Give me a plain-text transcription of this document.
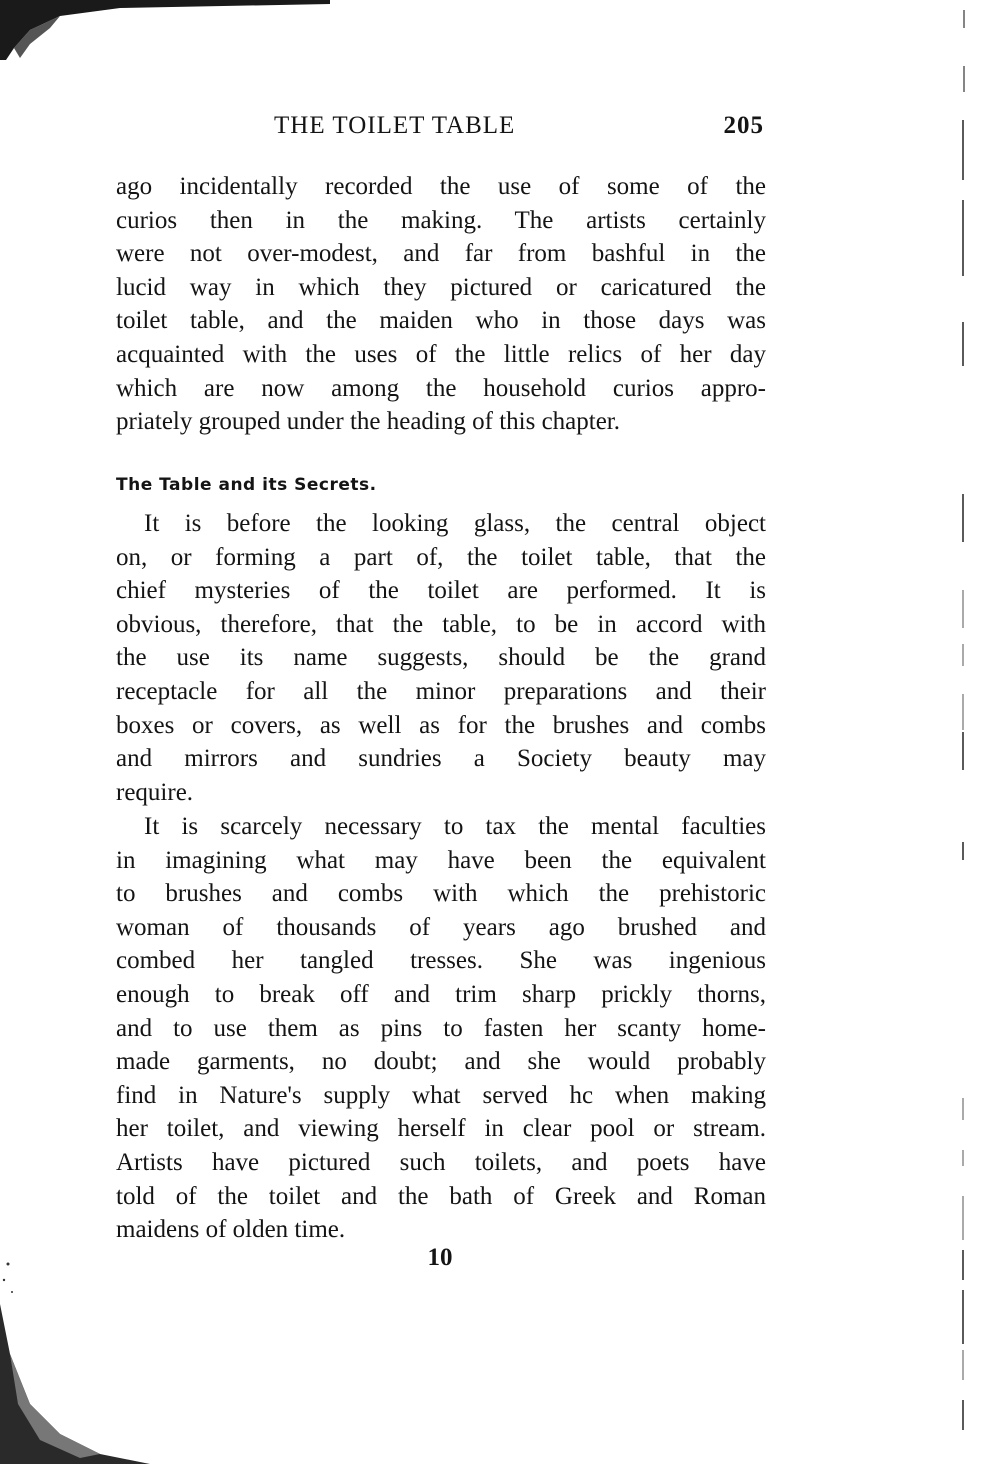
THE TOILET TABLE	205
ago incidentally recorded the use of some of the
curios then in the making. The artists certainly
were not over-modest, and far from bashful in the
lucid way in which they pictured or caricatured the
toilet table, and the maiden who in those days was
acquainted with the uses of the little relics of her day
which are now among the household curios appro-
priately grouped under the heading of this chapter.
The Table and its Secrets.
It is before the looking glass, the central object
on, or forming a part of, the toilet table, that the
chief mysteries of the toilet are performed. It is
obvious, therefore, that the table, to be in accord with
the use its name suggests, should be the grand
receptacle for all the minor preparations and their
boxes or covers, as well as for the brushes and combs
and mirrors and sundries a Society beauty may
require.
It is scarcely necessary to tax the mental faculties
in imagining what may have been the equivalent
to brushes and combs with which the prehistoric
woman of thousands of years ago brushed and
combed her tangled tresses. She was ingenious
enough to break off and trim sharp prickly thorns,
and to use them as pins to fasten her scanty home-
made garments, no doubt; and she would probably
find in Nature's supply what served hc when making
her toilet, and viewing herself in clear pool or stream.
Artists have pictured such toilets, and poets have
told of the toilet and the bath of Greek and Roman
maidens of olden time.
10
